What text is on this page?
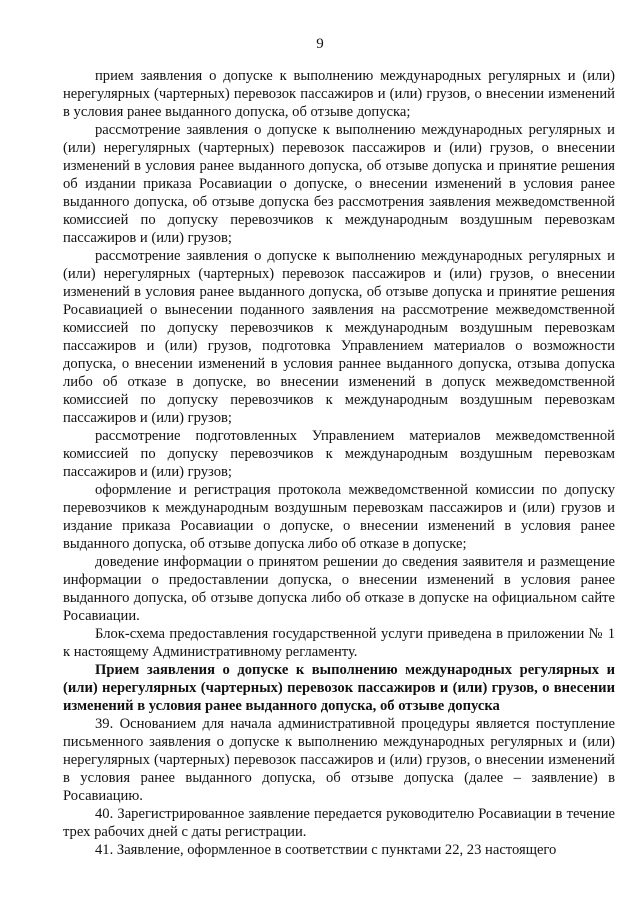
9

прием заявления о допуске к выполнению международных регулярных и (или) нерегулярных (чартерных) перевозок пассажиров и (или) грузов, о внесении изменений в условия ранее выданного допуска, об отзыве допуска;

рассмотрение заявления о допуске к выполнению международных регулярных и (или) нерегулярных (чартерных) перевозок пассажиров и (или) грузов, о внесении изменений в условия ранее выданного допуска, об отзыве допуска и принятие решения об издании приказа Росавиации о допуске, о внесении изменений в условия ранее выданного допуска, об отзыве допуска без рассмотрения заявления межведомственной комиссией по допуску перевозчиков к международным воздушным перевозкам пассажиров и (или) грузов;

рассмотрение заявления о допуске к выполнению международных регулярных и (или) нерегулярных (чартерных) перевозок пассажиров и (или) грузов, о внесении изменений в условия ранее выданного допуска, об отзыве допуска и принятие решения Росавиацией о вынесении поданного заявления на рассмотрение межведомственной комиссией по допуску перевозчиков к международным воздушным перевозкам пассажиров и (или) грузов, подготовка Управлением материалов о возможности допуска, о внесении изменений в условия раннее выданного допуска, отзыва допуска либо об отказе в допуске, во внесении изменений в допуск межведомственной комиссией по допуску перевозчиков к международным воздушным перевозкам пассажиров и (или) грузов;

рассмотрение подготовленных Управлением материалов межведомственной комиссией по допуску перевозчиков к международным воздушным перевозкам пассажиров и (или) грузов;

оформление и регистрация протокола межведомственной комиссии по допуску перевозчиков к международным воздушным перевозкам пассажиров и (или) грузов и издание приказа Росавиации о допуске, о внесении изменений в условия ранее выданного допуска, об отзыве допуска либо об отказе в допуске;

доведение информации о принятом решении до сведения заявителя и размещение информации о предоставлении допуска, о внесении изменений в условия ранее выданного допуска, об отзыве допуска либо об отказе в допуске на официальном сайте Росавиации.

Блок-схема предоставления государственной услуги приведена в приложении № 1 к настоящему Административному регламенту.

Прием заявления о допуске к выполнению международных регулярных и (или) нерегулярных (чартерных) перевозок пассажиров и (или) грузов, о внесении изменений в условия ранее выданного допуска, об отзыве допуска

39. Основанием для начала административной процедуры является поступление письменного заявления о допуске к выполнению международных регулярных и (или) нерегулярных (чартерных) перевозок пассажиров и (или) грузов, о внесении изменений в условия ранее выданного допуска, об отзыве допуска (далее – заявление) в Росавиацию.

40. Зарегистрированное заявление передается руководителю Росавиации в течение трех рабочих дней с даты регистрации.

41. Заявление, оформленное в соответствии с пунктами 22, 23 настоящего
